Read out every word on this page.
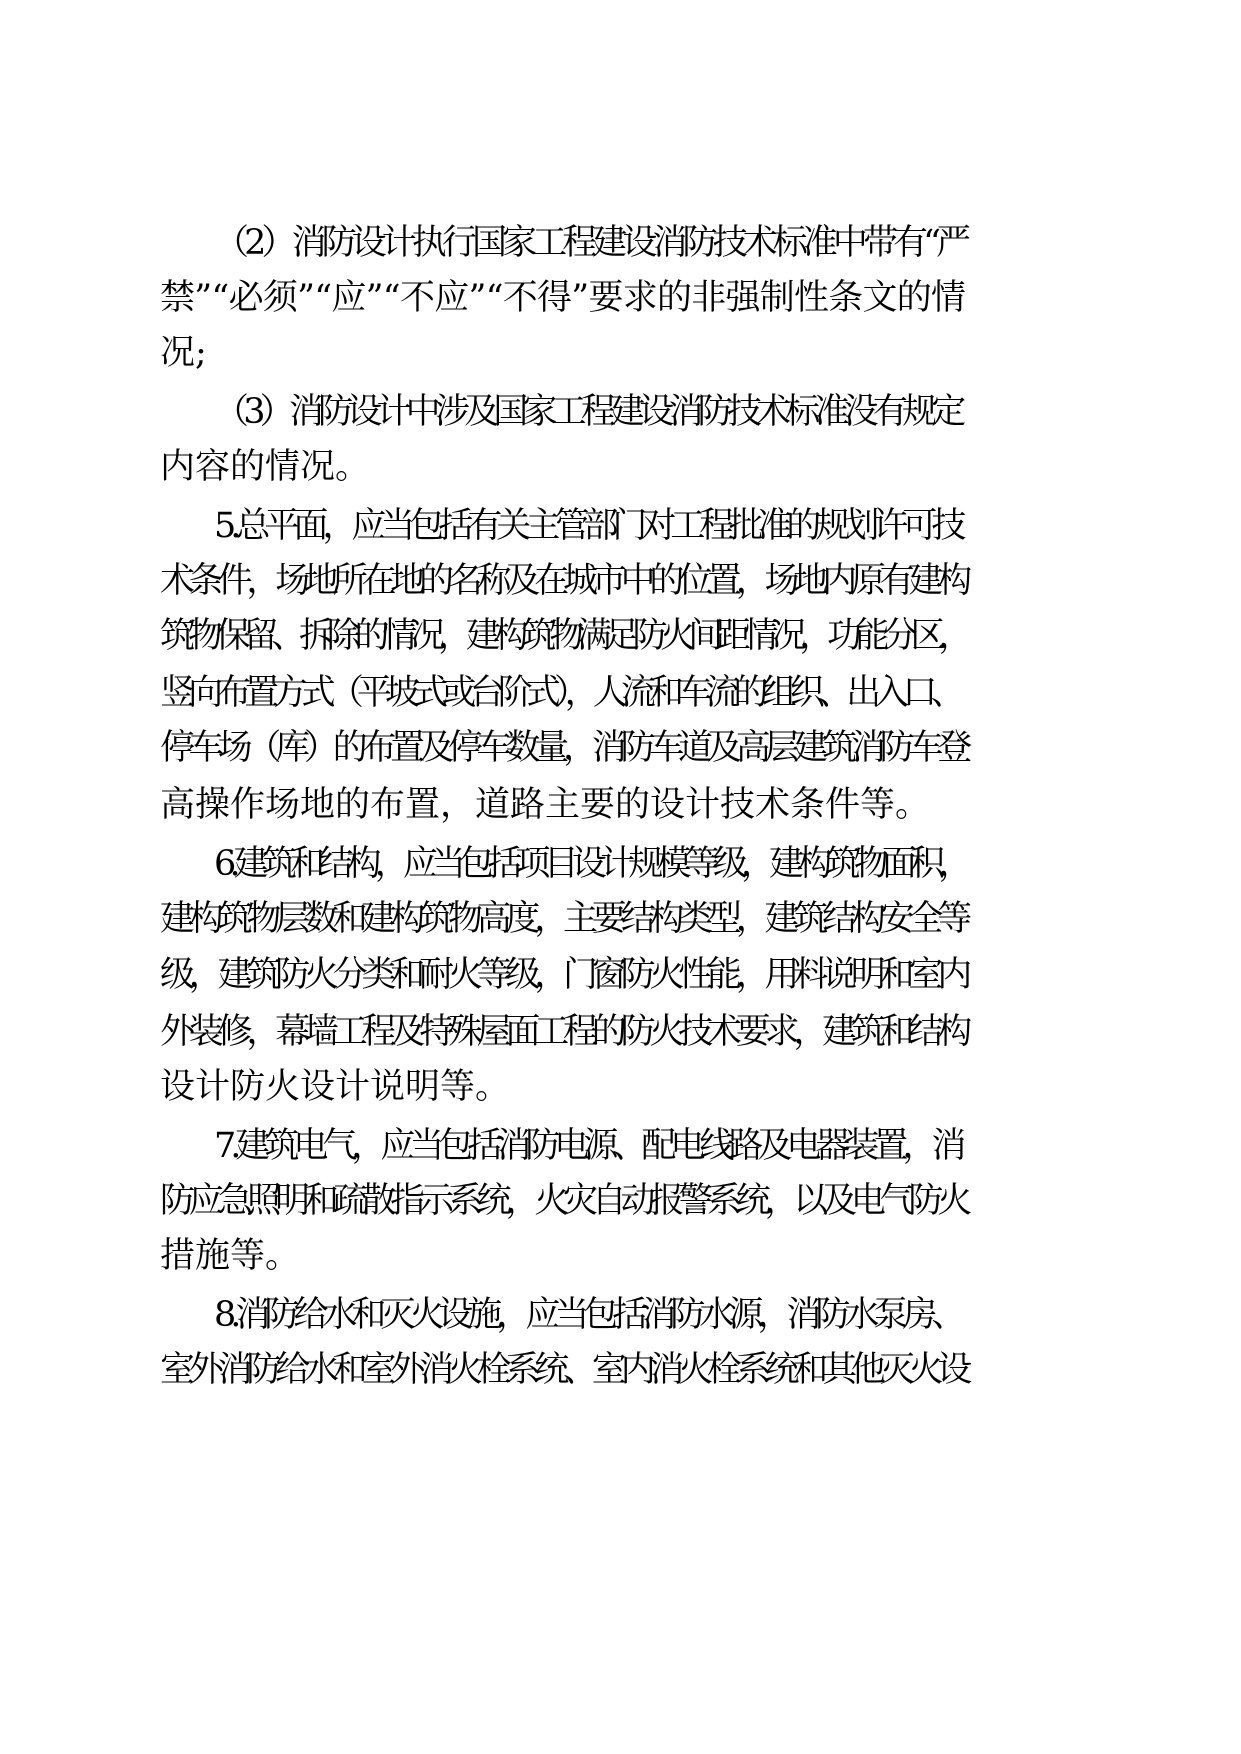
（2）消防设计执行国家工程建设消防技术标准中带有“严
禁”“必须”“应”“不应”“不得”要求的非强制性条文的情
况;
（3）消防设计中涉及国家工程建设消防技术标准没有规定
内容的情况。
5.总平面，应当包括有关主管部门对工程批准的规划许可技
术条件，场地所在地的名称及在城市中的位置，场地内原有建构
筑物保留、拆除的情况，建构筑物满足防火间距情况，功能分区，
竖向布置方式（平坡式或台阶式），人流和车流的组织、出入口、
停车场（库）的布置及停车数量，消防车道及高层建筑消防车登
高操作场地的布置，道路主要的设计技术条件等。
6.建筑和结构，应当包括项目设计规模等级，建构筑物面积，
建构筑物层数和建构筑物高度，主要结构类型，建筑结构安全等
级，建筑防火分类和耐火等级，门窗防火性能，用料说明和室内
外装修，幕墙工程及特殊屋面工程的防火技术要求，建筑和结构
设计防火设计说明等。
7.建筑电气，应当包括消防电源、配电线路及电器装置，消
防应急照明和疏散指示系统，火灾自动报警系统，以及电气防火
措施等。
8.消防给水和灭火设施，应当包括消防水源，消防水泵房、
室外消防给水和室外消火栓系统、室内消火栓系统和其他灭火设
